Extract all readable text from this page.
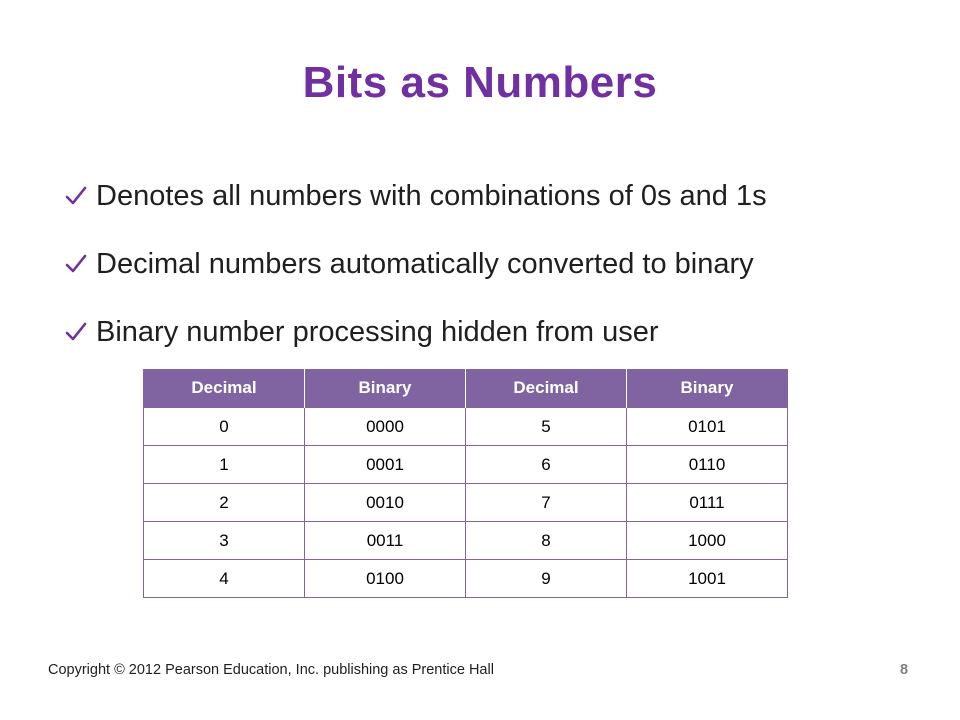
Bits as Numbers
Denotes all numbers with combinations of 0s and 1s
Decimal numbers automatically converted to binary
Binary number processing hidden from user
Decimal	Binary	Decimal	Binary
0	0000	5	0101
1	0001	6	0110
2	0010	7	0111
3	0011	8	1000
4	0100	9	1001
Copyright © 2012 Pearson Education, Inc. publishing as Prentice Hall	8
